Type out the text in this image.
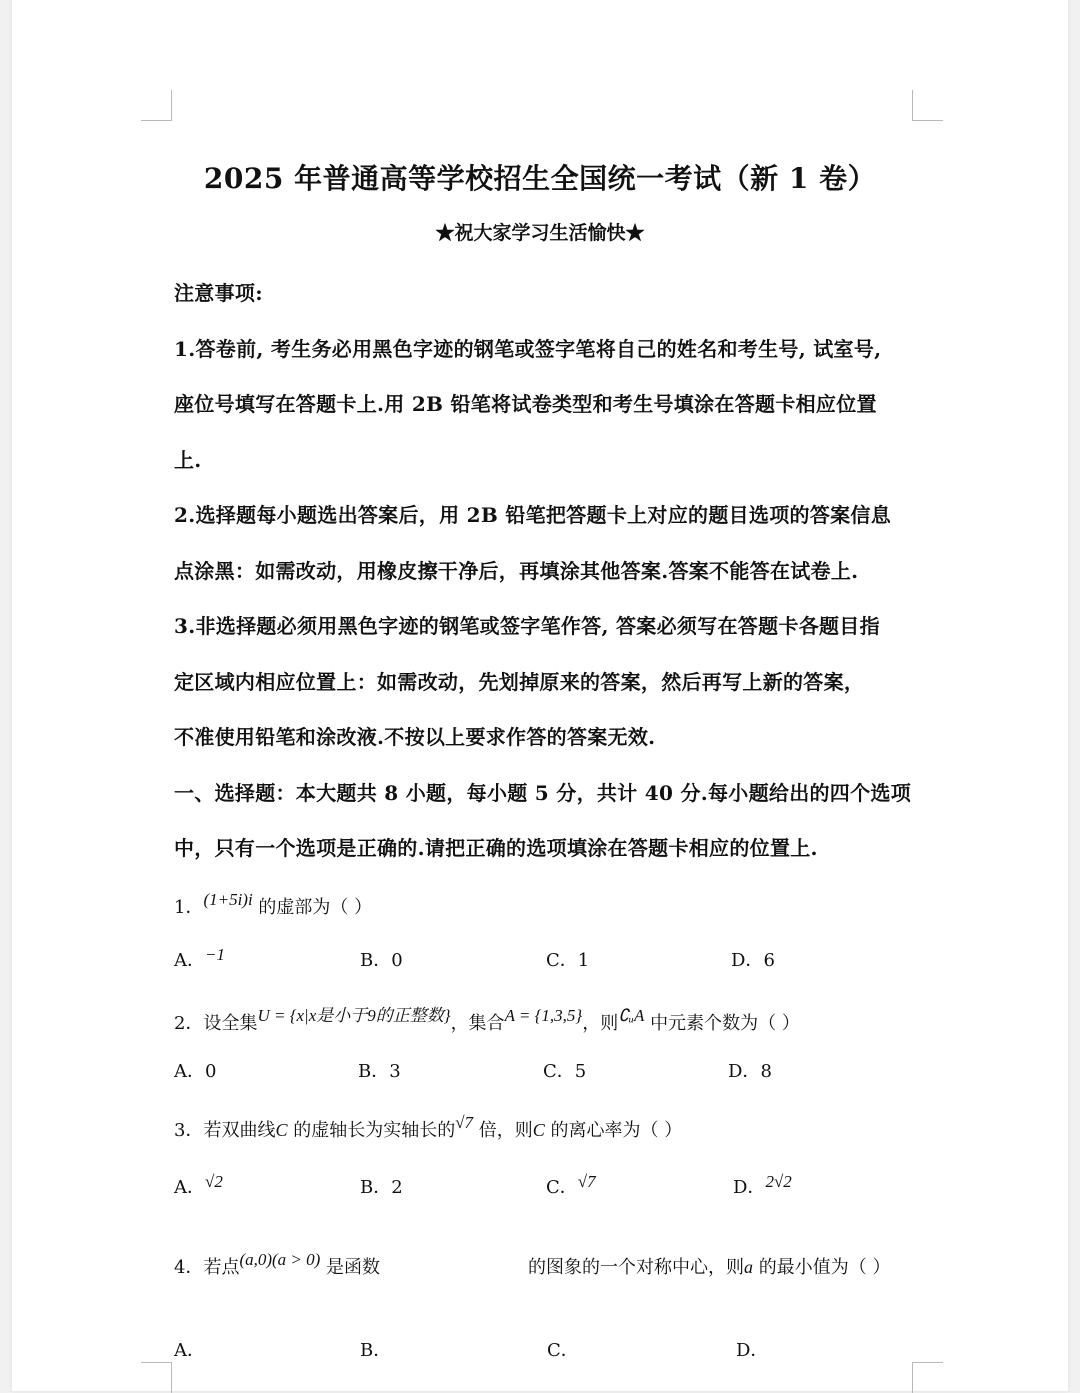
2025 年普通高等学校招生全国统一考试（新 1 卷）
★祝大家学习生活愉快★
注意事项:
1.答卷前, 考生务必用黑色字迹的钢笔或签字笔将自己的姓名和考生号, 试室号,
座位号填写在答题卡上.用 2B 铅笔将试卷类型和考生号填涂在答题卡相应位置
上.
2.选择题每小题选出答案后，用 2B 铅笔把答题卡上对应的题目选项的答案信息
点涂黑：如需改动，用橡皮擦干净后，再填涂其他答案.答案不能答在试卷上.
3.非选择题必须用黑色字迹的钢笔或签字笔作答, 答案必须写在答题卡各题目指
定区域内相应位置上：如需改动，先划掉原来的答案，然后再写上新的答案，
不准使用铅笔和涂改液.不按以上要求作答的答案无效.
一、选择题：本大题共 8 小题，每小题 5 分，共计 40 分.每小题给出的四个选项
中，只有一个选项是正确的.请把正确的选项填涂在答题卡相应的位置上.
1．(1+5i)i 的虚部为（ ）
A．−1	B．0	C．1	D．6
2．设全集U = {x|x是小于9的正整数}，集合A = {1,3,5}，则∁ᵤA 中元素个数为（ ）
A．0	B．3	C．5	D．8
3．若双曲线C 的虚轴长为实轴长的√7 倍，则C 的离心率为（ ）
A．√2	B．2	C．√7	D．2√2
4．若点(a,0)(a > 0) 是函数	的图象的一个对称中心，则a 的最小值为（ ）
A．	B．	C．	D．
